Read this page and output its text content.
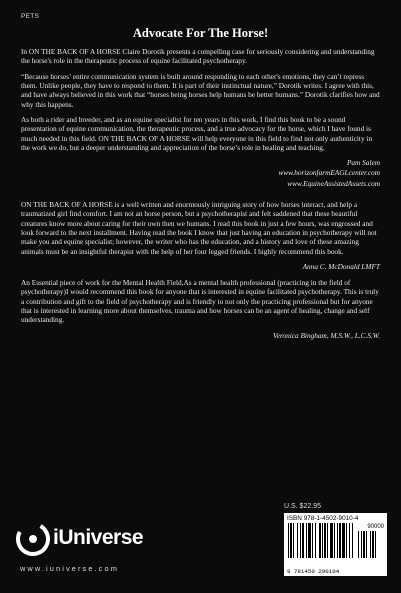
PETS
Advocate For The Horse!

In ON THE BACK OF A HORSE Claire Dorotik presents a compelling case for seriously considering and understanding the horse's role in the therapeutic process of equine facilitated psychotherapy.

“Because horses’ entire communication system is built around responding to each other's emotions, they can’t repress them. Unlike people, they have to respond to them. It is part of their instinctual nature,” Dorotik writes. I agree with this, and have always believed in this work that “horses being horses help humans be better humans.” Dorotik clarifies how and why this happens.

As both a rider and breeder, and as an equine specialist for ten years in this work, I find this book to be a sound presentation of equine communication, the therapeutic process, and a true advocacy for the horse, which I have found is much needed in this field. ON THE BACK OF A HORSE will help everyone in this field to find not only authenticity in the work we do, but a deeper understanding and appreciation of the horse’s role in healing and teaching.

Pam Salem
www.horizonfarmEAGLcenter.com
www.EquineAssistedAssets.com

ON THE BACK OF A HORSE is a well written and enormously intriguing story of how horses interact, and help a traumatized girl find comfort. I am not an horse person, but a psychotherapist and felt saddened that these beautiful creatures know more about caring for their own then we humans. I read this book in just a few hours, was engrossed and look forward to the next installment. Having read the book I know that just having an education in psychotherapy will not make you and equine specialist; however, the writer who has the education, and a history and love of these amazing animals must be an insightful therapist with the help of her four legged friends. I highly recommend this book.

Anna C. McDonald LMFT

An Essential piece of work for the Mental Health Field,As a mental health professional (practicing in the field of psychotherapy)I would recommend this book for anyone that is interested in equine facilitated psychotherapy. This is truly a contribution and gift to the field of psychotherapy and is friendly to not only the practicing professional but for anyone that is interested in learning more about themselves, trauma and how horses can be an agent of healing, change and self understanding.

Veronica Bingham, M.S.W., L.C.S.W.
iUniverse
www.iuniverse.com
U.S. $22.95
ISBN 978-1-4502-9010-4
90000
9 781450 290104
